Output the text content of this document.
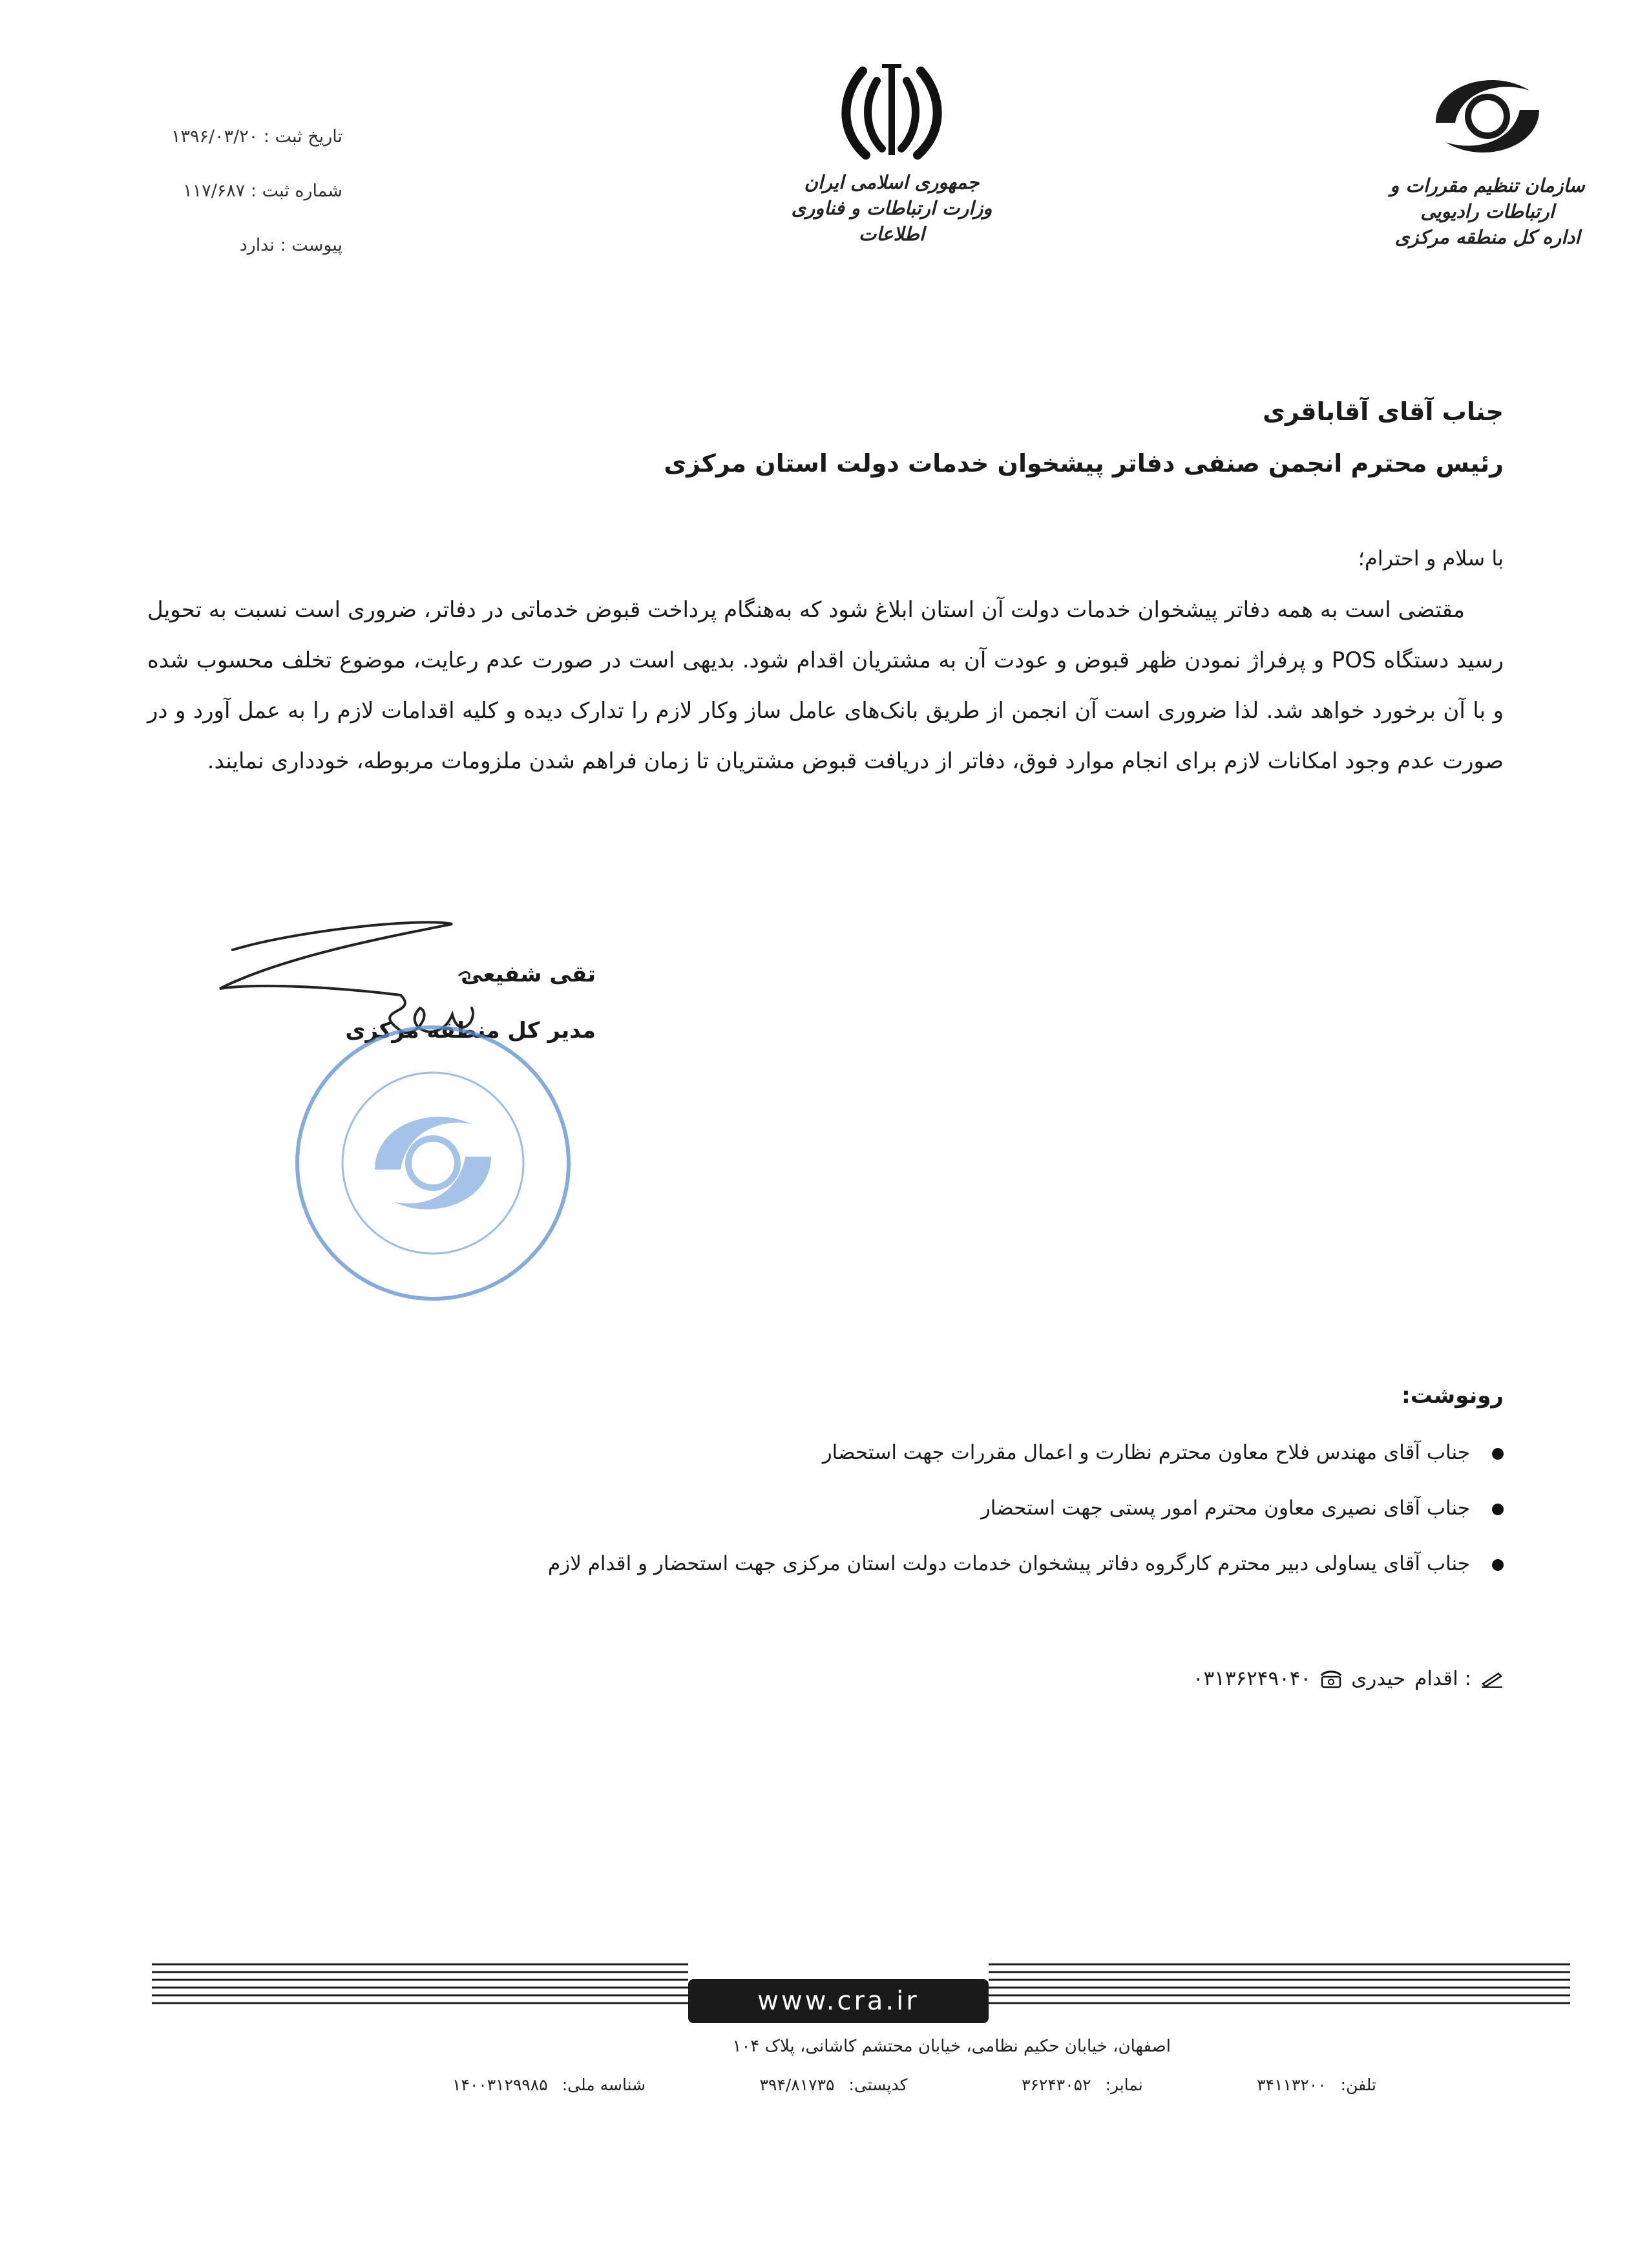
سازمان تنظیم مقررات و ارتباطات رادیویی
اداره کل منطقه مرکزی
جمهوری اسلامی ایران
وزارت ارتباطات و فناوری اطلاعات
تاریخ ثبت : ۱۳۹۶/۰۳/۲۰
شماره ثبت : ۱۱۷/۶۸۷
پیوست : ندارد
جناب آقای آقاباقری
رئیس محترم انجمن صنفی دفاتر پیشخوان خدمات دولت استان مرکزی
با سلام و احترام؛

مقتضی است به همه دفاتر پیشخوان خدمات دولت آن استان ابلاغ شود که به‌هنگام پرداخت قبوض خدماتی در دفاتر، ضروری است نسبت به تحویل رسید دستگاه POS و پرفراژ نمودن ظهر قبوض و عودت آن به مشتریان اقدام شود. بدیهی است در صورت عدم رعایت، موضوع تخلف محسوب شده و با آن برخورد خواهد شد. لذا ضروری است آن انجمن از طریق بانک‌های عامل ساز وکار لازم را تدارک دیده و کلیه اقدامات لازم را به عمل آورد و در صورت عدم وجود امکانات لازم برای انجام موارد فوق، دفاتر از دریافت قبوض مشتریان تا زمان فراهم شدن ملزومات مربوطه، خودداری نمایند.

تقی شفیعی
مدیر کل منطقه مرکزی
رونوشت:
جناب آقای مهندس فلاح معاون محترم نظارت و اعمال مقررات جهت استحضار
جناب آقای نصیری معاون محترم امور پستی جهت استحضار
جناب آقای یساولی دبیر محترم کارگروه دفاتر پیشخوان خدمات دولت استان مرکزی جهت استحضار و اقدام لازم
اقدام :
حیدری
۰۳۱۳۶۲۴۹۰۴۰
www.cra.ir
اصفهان، خیابان حکیم نظامی، خیابان محتشم کاشانی، پلاک ۱۰۴
تلفن:۳۴۱۱۳۲۰۰
نمابر:۳۶۲۴۳۰۵۲
کدپستی:۳۹۴/۸۱۷۳۵
شناسه ملی:۱۴۰۰۳۱۲۹۹۸۵
